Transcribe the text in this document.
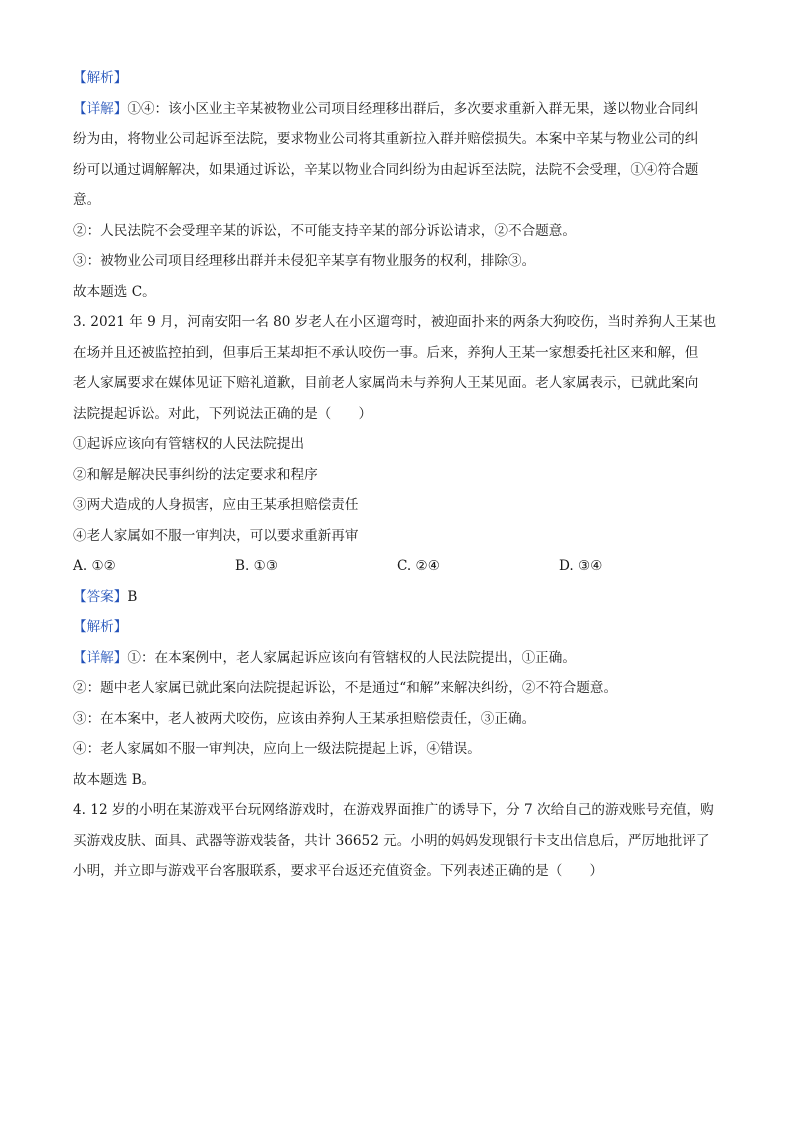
【解析】
【详解】①④：该小区业主辛某被物业公司项目经理移出群后，多次要求重新入群无果，遂以物业合同纠
纷为由，将物业公司起诉至法院，要求物业公司将其重新拉入群并赔偿损失。本案中辛某与物业公司的纠
纷可以通过调解解决，如果通过诉讼，辛某以物业合同纠纷为由起诉至法院，法院不会受理，①④符合题
意。
②：人民法院不会受理辛某的诉讼，不可能支持辛某的部分诉讼请求，②不合题意。
③：被物业公司项目经理移出群并未侵犯辛某享有物业服务的权利，排除③。
故本题选 C。
3. 2021 年 9 月，河南安阳一名 80 岁老人在小区遛弯时，被迎面扑来的两条大狗咬伤，当时养狗人王某也
在场并且还被监控拍到，但事后王某却拒不承认咬伤一事。后来，养狗人王某一家想委托社区来和解，但
老人家属要求在媒体见证下赔礼道歉，目前老人家属尚未与养狗人王某见面。老人家属表示，已就此案向
法院提起诉讼。对此，下列说法正确的是（　　）
①起诉应该向有管辖权的人民法院提出
②和解是解决民事纠纷的法定要求和程序
③两犬造成的人身损害，应由王某承担赔偿责任
④老人家属如不服一审判决，可以要求重新再审
A. ①②	B. ①③	C. ②④	D. ③④
【答案】B
【解析】
【详解】①：在本案例中，老人家属起诉应该向有管辖权的人民法院提出，①正确。
②：题中老人家属已就此案向法院提起诉讼，不是通过“和解”来解决纠纷，②不符合题意。
③：在本案中，老人被两犬咬伤，应该由养狗人王某承担赔偿责任，③正确。
④：老人家属如不服一审判决，应向上一级法院提起上诉，④错误。
故本题选 B。
4. 12 岁的小明在某游戏平台玩网络游戏时，在游戏界面推广的诱导下，分 7 次给自己的游戏账号充值，购
买游戏皮肤、面具、武器等游戏装备，共计 36652 元。小明的妈妈发现银行卡支出信息后，严厉地批评了
小明，并立即与游戏平台客服联系，要求平台返还充值资金。下列表述正确的是（　　）
